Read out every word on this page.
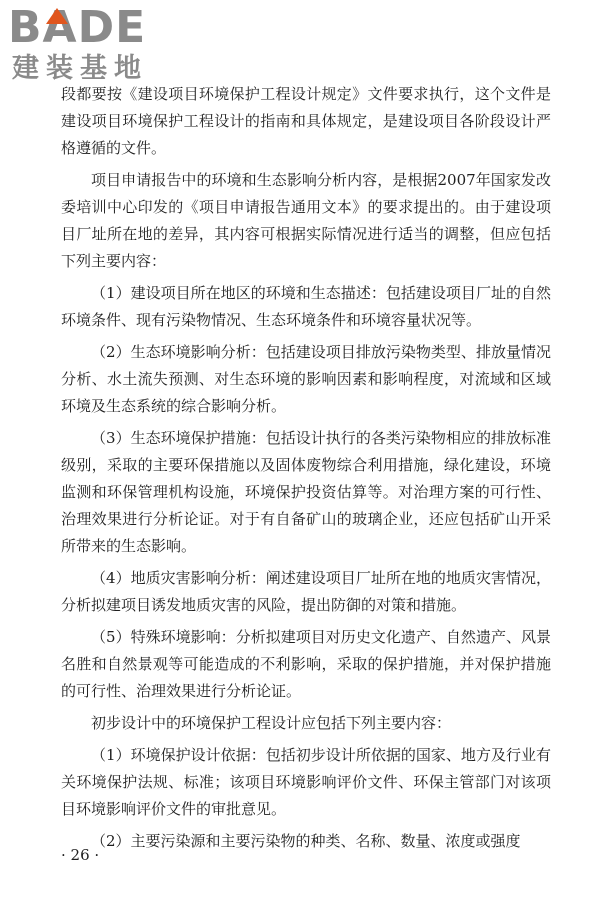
BADE
建装基地

段都要按《建设项目环境保护工程设计规定》文件要求执行，这个文件是建设项目环境保护工程设计的指南和具体规定，是建设项目各阶段设计严格遵循的文件。

项目申请报告中的环境和生态影响分析内容，是根据2007年国家发改委培训中心印发的《项目申请报告通用文本》的要求提出的。由于建设项目厂址所在地的差异，其内容可根据实际情况进行适当的调整，但应包括下列主要内容：

（1）建设项目所在地区的环境和生态描述：包括建设项目厂址的自然环境条件、现有污染物情况、生态环境条件和环境容量状况等。

（2）生态环境影响分析：包括建设项目排放污染物类型、排放量情况分析、水土流失预测、对生态环境的影响因素和影响程度，对流域和区域环境及生态系统的综合影响分析。

（3）生态环境保护措施：包括设计执行的各类污染物相应的排放标准级别，采取的主要环保措施以及固体废物综合利用措施，绿化建设，环境监测和环保管理机构设施，环境保护投资估算等。对治理方案的可行性、治理效果进行分析论证。对于有自备矿山的玻璃企业，还应包括矿山开采所带来的生态影响。

（4）地质灾害影响分析：阐述建设项目厂址所在地的地质灾害情况，分析拟建项目诱发地质灾害的风险，提出防御的对策和措施。

（5）特殊环境影响：分析拟建项目对历史文化遗产、自然遗产、风景名胜和自然景观等可能造成的不利影响，采取的保护措施，并对保护措施的可行性、治理效果进行分析论证。

初步设计中的环境保护工程设计应包括下列主要内容：

（1）环境保护设计依据：包括初步设计所依据的国家、地方及行业有关环境保护法规、标准；该项目环境影响评价文件、环保主管部门对该项目环境影响评价文件的审批意见。

（2）主要污染源和主要污染物的种类、名称、数量、浓度或强度

· 26 ·
